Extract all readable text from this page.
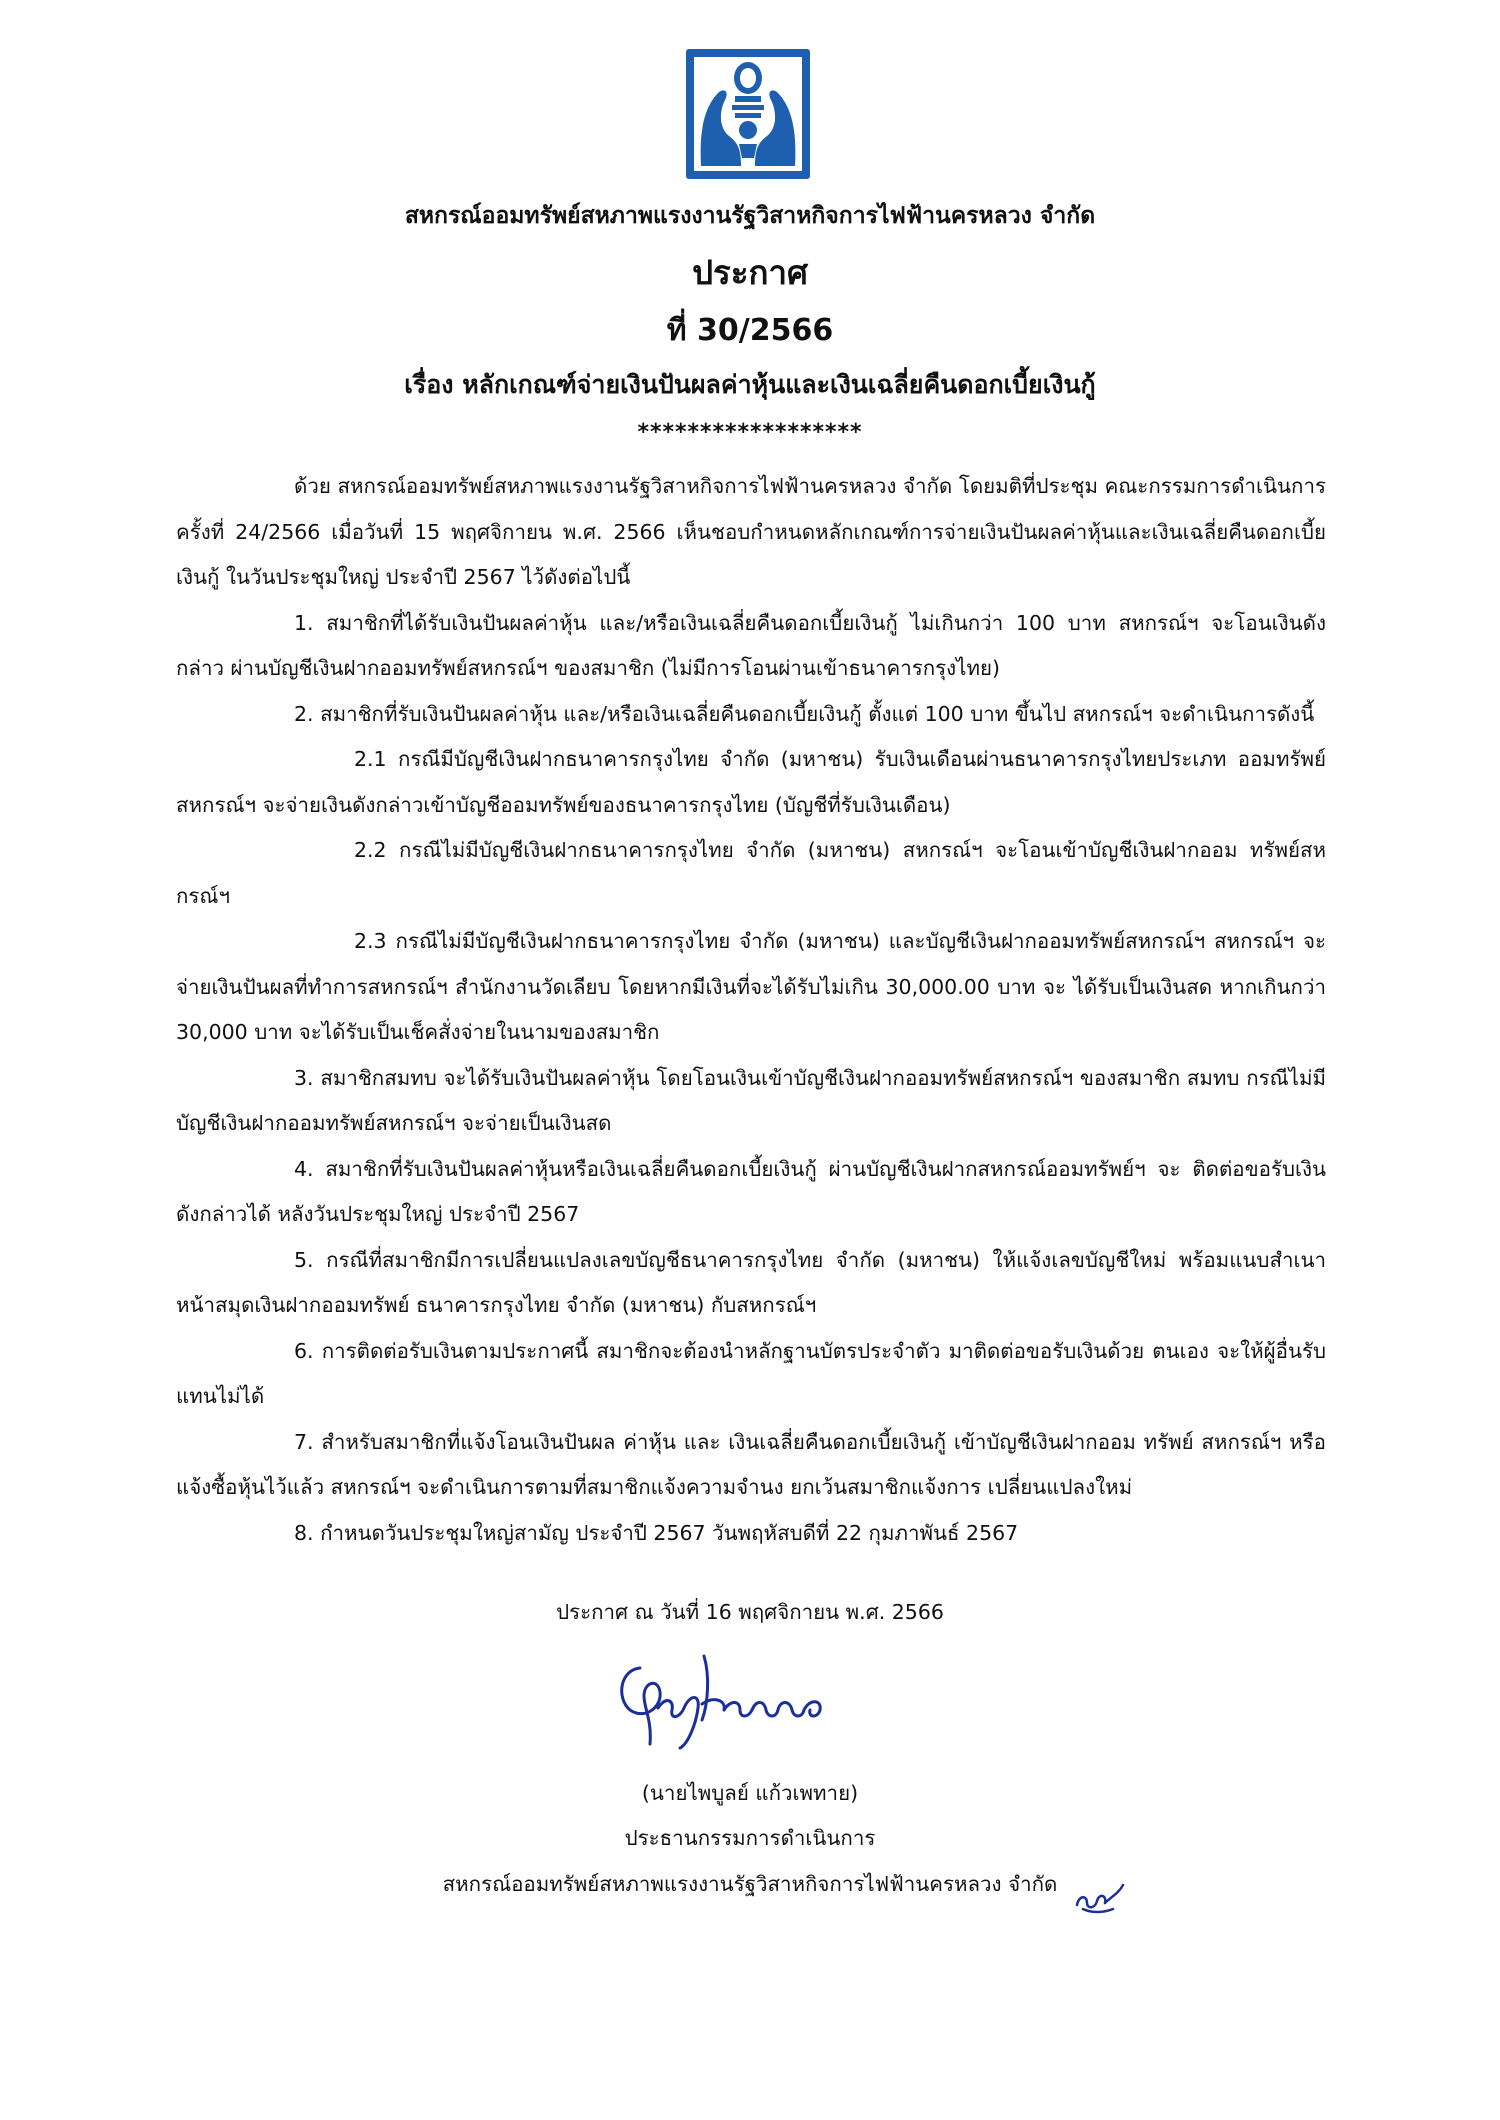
สหกรณ์ออมทรัพย์สหภาพแรงงานรัฐวิสาหกิจการไฟฟ้านครหลวง จำกัด
ประกาศ
ที่ 30/2566
เรื่อง หลักเกณฑ์จ่ายเงินปันผลค่าหุ้นและเงินเฉลี่ยคืนดอกเบี้ยเงินกู้
******************

ด้วย สหกรณ์ออมทรัพย์สหภาพแรงงานรัฐวิสาหกิจการไฟฟ้านครหลวง จำกัด โดยมติที่ประชุม คณะกรรมการดำเนินการ ครั้งที่ 24/2566 เมื่อวันที่ 15 พฤศจิกายน พ.ศ. 2566 เห็นชอบกำหนดหลักเกณฑ์การจ่ายเงินปันผลค่าหุ้นและเงินเฉลี่ยคืนดอกเบี้ยเงินกู้ ในวันประชุมใหญ่ ประจำปี 2567 ไว้ดังต่อไปนี้

1. สมาชิกที่ได้รับเงินปันผลค่าหุ้น และ/หรือเงินเฉลี่ยคืนดอกเบี้ยเงินกู้ ไม่เกินกว่า 100 บาท สหกรณ์ฯ จะโอนเงินดังกล่าว ผ่านบัญชีเงินฝากออมทรัพย์สหกรณ์ฯ ของสมาชิก (ไม่มีการโอนผ่านเข้าธนาคารกรุงไทย)

2. สมาชิกที่รับเงินปันผลค่าหุ้น และ/หรือเงินเฉลี่ยคืนดอกเบี้ยเงินกู้ ตั้งแต่ 100 บาท ขึ้นไป สหกรณ์ฯ จะดำเนินการดังนี้

2.1 กรณีมีบัญชีเงินฝากธนาคารกรุงไทย จำกัด (มหาชน) รับเงินเดือนผ่านธนาคารกรุงไทยประเภท ออมทรัพย์ สหกรณ์ฯ จะจ่ายเงินดังกล่าวเข้าบัญชีออมทรัพย์ของธนาคารกรุงไทย (บัญชีที่รับเงินเดือน)

2.2 กรณีไม่มีบัญชีเงินฝากธนาคารกรุงไทย จำกัด (มหาชน) สหกรณ์ฯ จะโอนเข้าบัญชีเงินฝากออม ทรัพย์สหกรณ์ฯ

2.3 กรณีไม่มีบัญชีเงินฝากธนาคารกรุงไทย จำกัด (มหาชน) และบัญชีเงินฝากออมทรัพย์สหกรณ์ฯ สหกรณ์ฯ จะจ่ายเงินปันผลที่ทำการสหกรณ์ฯ สำนักงานวัดเลียบ โดยหากมีเงินที่จะได้รับไม่เกิน 30,000.00 บาท จะ ได้รับเป็นเงินสด หากเกินกว่า 30,000 บาท จะได้รับเป็นเช็คสั่งจ่ายในนามของสมาชิก

3. สมาชิกสมทบ จะได้รับเงินปันผลค่าหุ้น โดยโอนเงินเข้าบัญชีเงินฝากออมทรัพย์สหกรณ์ฯ ของสมาชิก สมทบ กรณีไม่มีบัญชีเงินฝากออมทรัพย์สหกรณ์ฯ จะจ่ายเป็นเงินสด

4. สมาชิกที่รับเงินปันผลค่าหุ้นหรือเงินเฉลี่ยคืนดอกเบี้ยเงินกู้ ผ่านบัญชีเงินฝากสหกรณ์ออมทรัพย์ฯ จะ ติดต่อขอรับเงินดังกล่าวได้ หลังวันประชุมใหญ่ ประจำปี 2567

5. กรณีที่สมาชิกมีการเปลี่ยนแปลงเลขบัญชีธนาคารกรุงไทย จำกัด (มหาชน) ให้แจ้งเลขบัญชีใหม่ พร้อมแนบสำเนาหน้าสมุดเงินฝากออมทรัพย์ ธนาคารกรุงไทย จำกัด (มหาชน) กับสหกรณ์ฯ

6. การติดต่อรับเงินตามประกาศนี้ สมาชิกจะต้องนำหลักฐานบัตรประจำตัว มาติดต่อขอรับเงินด้วย ตนเอง จะให้ผู้อื่นรับแทนไม่ได้

7. สำหรับสมาชิกที่แจ้งโอนเงินปันผล ค่าหุ้น และ เงินเฉลี่ยคืนดอกเบี้ยเงินกู้ เข้าบัญชีเงินฝากออม ทรัพย์ สหกรณ์ฯ หรือแจ้งซื้อหุ้นไว้แล้ว สหกรณ์ฯ จะดำเนินการตามที่สมาชิกแจ้งความจำนง ยกเว้นสมาชิกแจ้งการ เปลี่ยนแปลงใหม่

8. กำหนดวันประชุมใหญ่สามัญ ประจำปี 2567 วันพฤหัสบดีที่ 22 กุมภาพันธ์ 2567

ประกาศ ณ วันที่ 16 พฤศจิกายน พ.ศ. 2566
(นายไพบูลย์ แก้วเพทาย)
ประธานกรรมการดำเนินการ
สหกรณ์ออมทรัพย์สหภาพแรงงานรัฐวิสาหกิจการไฟฟ้านครหลวง จำกัด
